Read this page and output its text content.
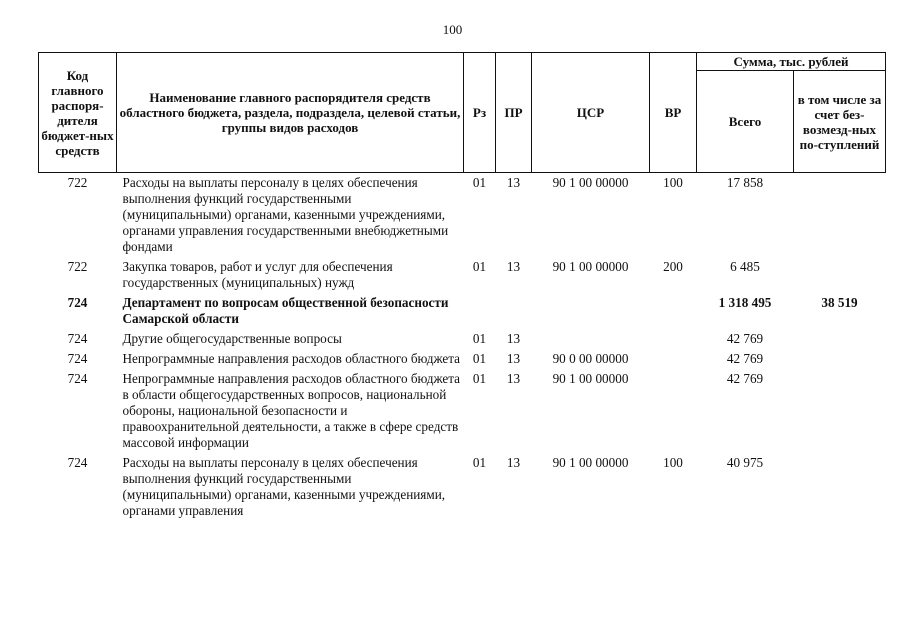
100
Код главного распоря-дителя бюджет-ных средств	Наименование главного распорядителя средств областного бюджета, раздела, подраздела, целевой статьи, группы видов расходов	Рз	ПР	ЦСР	ВР	Сумма, тыс. рублей	
						Всего	в том числе за счет без-возмезд-ных по-ступлений
722	Расходы на выплаты персоналу в целях обеспечения выполнения функций государственными (муниципальными) органами, казенными учреждениями, органами управления государственными внебюджетными фондами	01	13	90 1 00 00000	100	17 858	
722	Закупка товаров, работ и услуг для обеспечения государственных (муниципальных) нужд	01	13	90 1 00 00000	200	6 485	
724	Департамент по вопросам общественной безопасности Самарской области					1 318 495	38 519
724	Другие общегосударственные вопросы	01	13			42 769	
724	Непрограммные направления расходов областного бюджета	01	13	90 0 00 00000		42 769	
724	Непрограммные направления расходов областного бюджета в области общегосударственных вопросов, национальной обороны, национальной безопасности и правоохранительной деятельности, а также в сфере средств массовой информации	01	13	90 1 00 00000		42 769	
724	Расходы на выплаты персоналу в целях обеспечения выполнения функций государственными (муниципальными) органами, казенными учреждениями, органами управления	01	13	90 1 00 00000	100	40 975	
